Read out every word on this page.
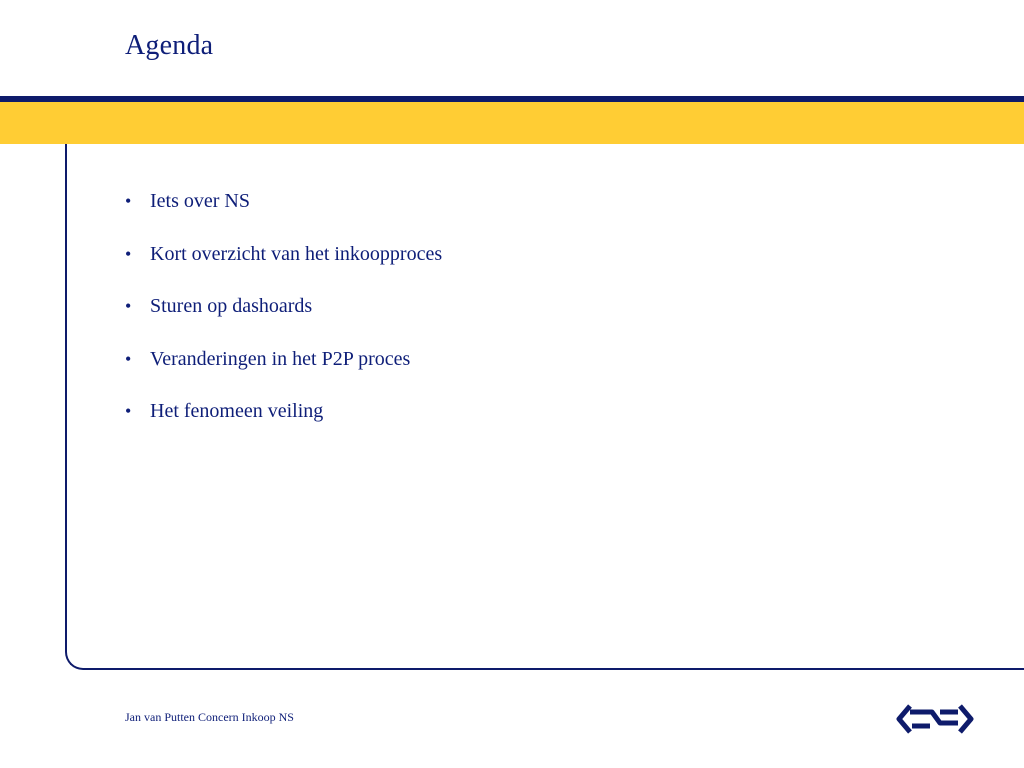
Agenda
• Iets over NS
• Kort overzicht van het inkoopproces
• Sturen op dashoards
• Veranderingen in het P2P proces
• Het fenomeen veiling
Jan van Putten Concern Inkoop NS
